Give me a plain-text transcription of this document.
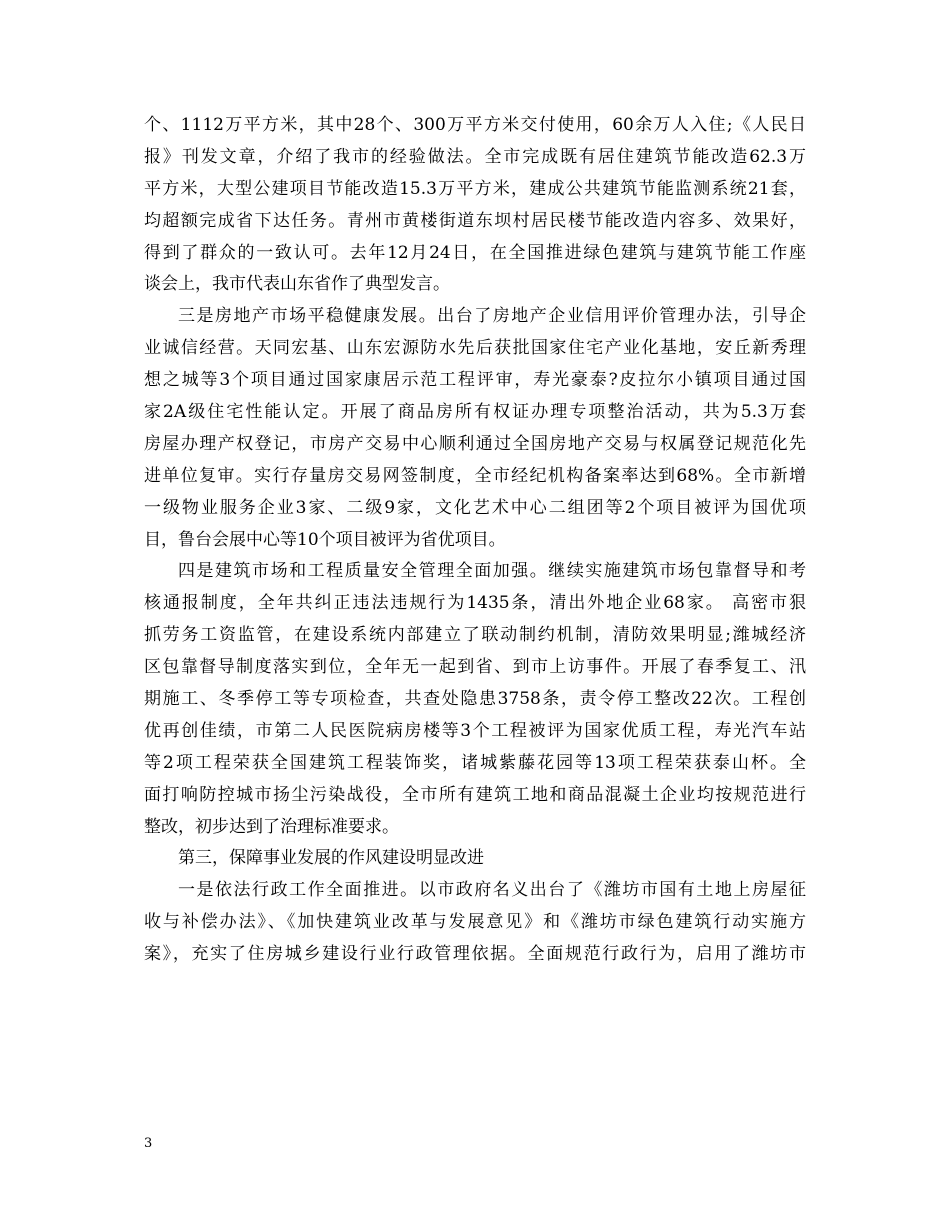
个、1112万平方米，其中28个、300万平方米交付使用，60余万人入住;《人民日
报》刊发文章，介绍了我市的经验做法。全市完成既有居住建筑节能改造62.3万
平方米，大型公建项目节能改造15.3万平方米，建成公共建筑节能监测系统21套，
均超额完成省下达任务。青州市黄楼街道东坝村居民楼节能改造内容多、效果好，
得到了群众的一致认可。去年12月24日，在全国推进绿色建筑与建筑节能工作座
谈会上，我市代表山东省作了典型发言。
三是房地产市场平稳健康发展。出台了房地产企业信用评价管理办法，引导企
业诚信经营。天同宏基、山东宏源防水先后获批国家住宅产业化基地，安丘新秀理
想之城等3个项目通过国家康居示范工程评审，寿光豪泰?皮拉尔小镇项目通过国
家2A级住宅性能认定。开展了商品房所有权证办理专项整治活动，共为5.3万套
房屋办理产权登记，市房产交易中心顺利通过全国房地产交易与权属登记规范化先
进单位复审。实行存量房交易网签制度，全市经纪机构备案率达到68%。全市新增
一级物业服务企业3家、二级9家，文化艺术中心二组团等2个项目被评为国优项
目，鲁台会展中心等10个项目被评为省优项目。
四是建筑市场和工程质量安全管理全面加强。继续实施建筑市场包靠督导和考
核通报制度，全年共纠正违法违规行为1435条，清出外地企业68家。 高密市狠
抓劳务工资监管，在建设系统内部建立了联动制约机制，清防效果明显;潍城经济
区包靠督导制度落实到位，全年无一起到省、到市上访事件。开展了春季复工、汛
期施工、冬季停工等专项检查，共查处隐患3758条，责令停工整改22次。工程创
优再创佳绩，市第二人民医院病房楼等3个工程被评为国家优质工程，寿光汽车站
等2项工程荣获全国建筑工程装饰奖，诸城紫藤花园等13项工程荣获泰山杯。全
面打响防控城市扬尘污染战役，全市所有建筑工地和商品混凝土企业均按规范进行
整改，初步达到了治理标准要求。
第三，保障事业发展的作风建设明显改进
一是依法行政工作全面推进。以市政府名义出台了《潍坊市国有土地上房屋征
收与补偿办法》、《加快建筑业改革与发展意见》和《潍坊市绿色建筑行动实施方
案》，充实了住房城乡建设行业行政管理依据。全面规范行政行为，启用了潍坊市
3
